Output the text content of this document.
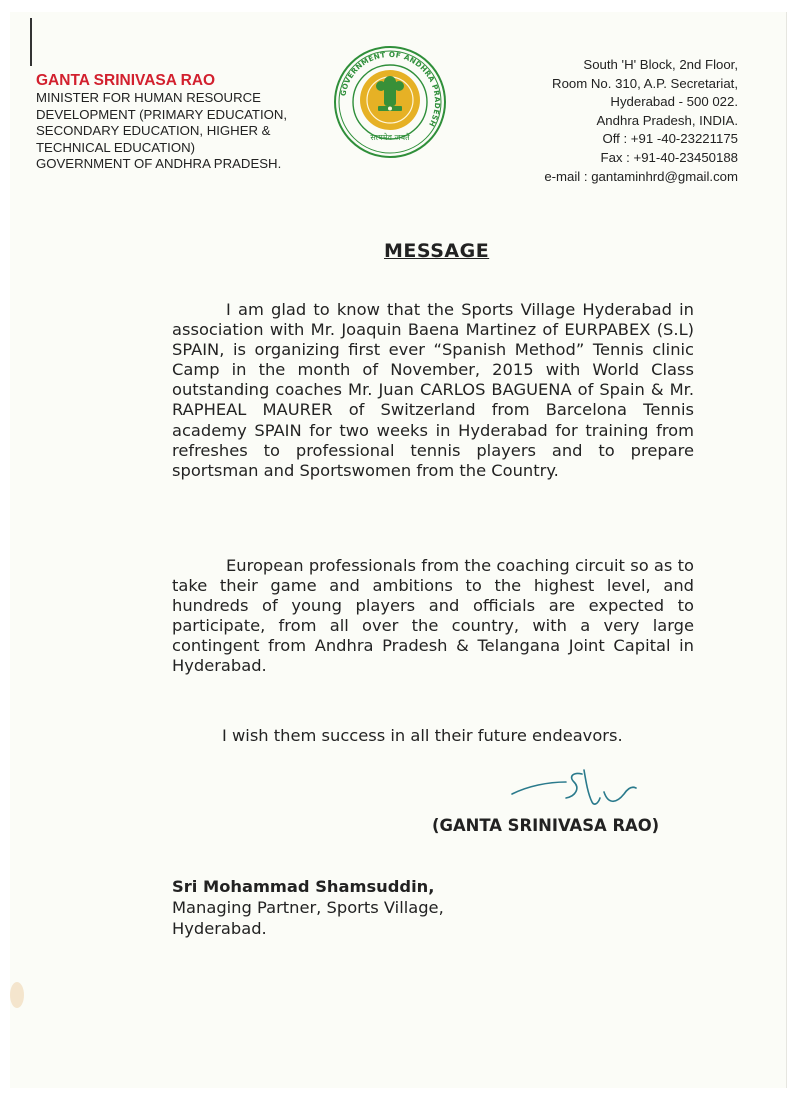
GANTA SRINIVASA RAO
MINISTER FOR HUMAN RESOURCE
DEVELOPMENT (PRIMARY EDUCATION,
SECONDARY EDUCATION, HIGHER &
TECHNICAL EDUCATION)
GOVERNMENT OF ANDHRA PRADESH.
GOVERNMENT OF ANDHRA PRADESH
सत्यमेव जयते
South 'H' Block, 2nd Floor,
Room No. 310, A.P. Secretariat,
Hyderabad - 500 022.
Andhra Pradesh, INDIA.
Off : +91 -40-23221175
Fax : +91-40-23450188
e-mail : gantaminhrd@gmail.com
MESSAGE
I am glad to know that the Sports Village Hyderabad in association with Mr. Joaquin Baena Martinez of EURPABEX (S.L) SPAIN, is organizing first ever “Spanish Method” Tennis clinic Camp in the month of November, 2015 with World Class outstanding coaches Mr. Juan CARLOS BAGUENA of Spain & Mr. RAPHEAL MAURER of Switzerland from Barcelona Tennis academy SPAIN for two weeks in Hyderabad for training from refreshes to professional tennis players and to prepare sportsman and Sportswomen from the Country.
European professionals from the coaching circuit so as to take their game and ambitions to the highest level, and hundreds of young players and officials are expected to participate, from all over the country, with a very large contingent from Andhra Pradesh & Telangana Joint Capital in Hyderabad.
I wish them success in all their future endeavors.
(GANTA SRINIVASA RAO)
Sri Mohammad Shamsuddin,
Managing Partner, Sports Village,
Hyderabad.
